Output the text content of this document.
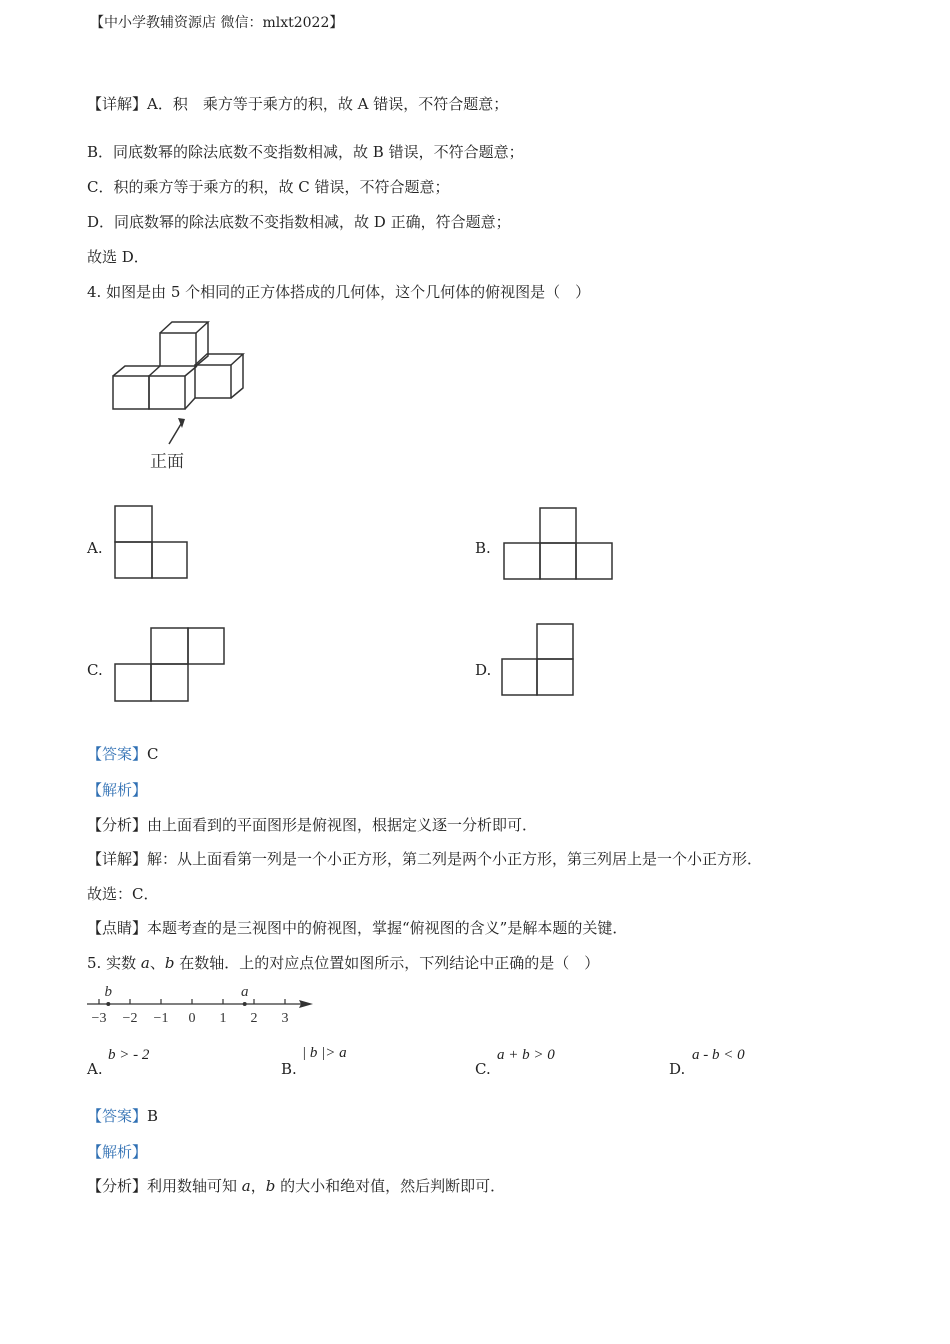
【中小学教辅资源店 微信：mlxt2022】
【详解】A．积　乘方等于乘方的积，故 A 错误，不符合题意；
B．同底数幂的除法底数不变指数相减，故 B 错误，不符合题意；
C．积的乘方等于乘方的积，故 C 错误，不符合题意；
D．同底数幂的除法底数不变指数相减，故 D 正确，符合题意；
故选 D．
4. 如图是由 5 个相同的正方体搭成的几何体，这个几何体的俯视图是（　）
正面
A.	B.
C.	D.
【答案】C
【解析】
【分析】由上面看到的平面图形是俯视图，根据定义逐一分析即可．
【详解】解：从上面看第一列是一个小正方形，第二列是两个小正方形，第三列居上是一个小正方形．
故选：C．
【点睛】本题考查的是三视图中的俯视图，掌握“俯视图的含义”是解本题的关键．
5. 实数 a、b 在数轴．上的对应点位置如图所示，下列结论中正确的是（　）
−3 −2 −1 0 1 2 3
b	a
A.
b > - 2
B.
| b |> a
C.
a + b > 0
D.
a - b < 0
【答案】B
【解析】
【分析】利用数轴可知 a，b 的大小和绝对值，然后判断即可．
